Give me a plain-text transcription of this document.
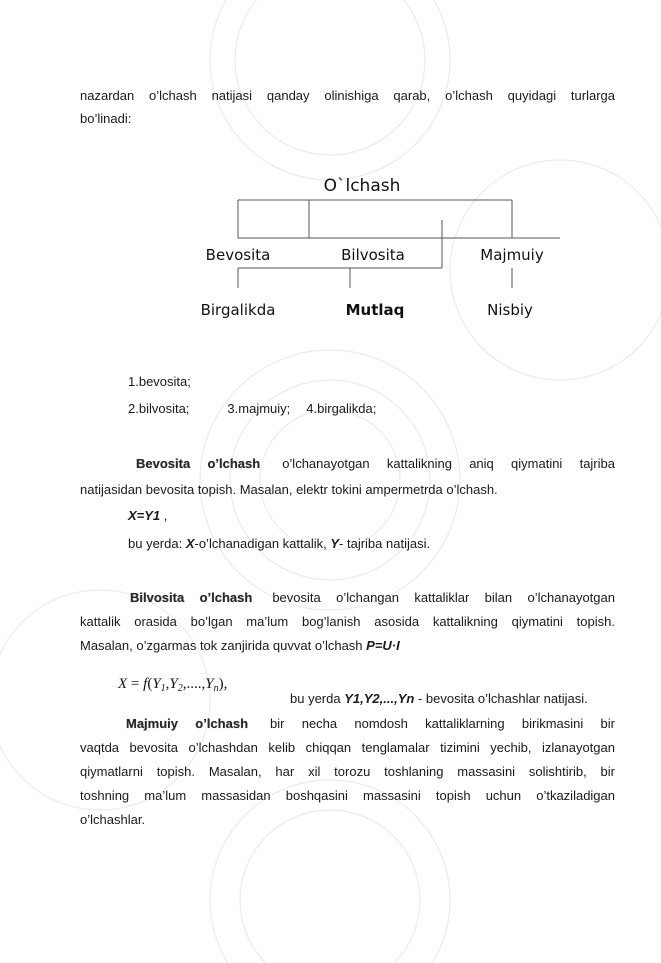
nazardan o’lchash natijasi qanday olinishiga qarab, o’lchash quyidagi turlarga

bo’linadi:

O`lchash
Bevosita	Bilvosita	Majmuiy
Birgalikda	Mutlaq	Nisbiy

1.bevosita;

2.bilvosita;	3.majmuiy; 4.birgalikda;

Bevosita o’lchash o’lchanayotgan kattalikning aniq qiymatini tajriba

natijasidan bevosita topish. Masalan, elektr tokini ampermetrda o’lchash.

X=Y1 ,

bu yerda: X-o’lchanadigan kattalik, Y- tajriba natijasi.

Bilvosita o’lchash bevosita o’lchangan kattaliklar bilan o’lchanayotgan

kattalik orasida bo’lgan ma’lum bog’lanish asosida kattalikning qiymatini topish.

Masalan, o’zgarmas tok zanjirida quvvat o’lchash P=U·I

$X = f(Y_1,Y_2,....,Y_n)$,

bu yerda Y1,Y2,...,Yn - bevosita o’lchashlar natijasi.

Majmuiy o’lchash bir necha nomdosh kattaliklarning birikmasini bir

vaqtda bevosita o’lchashdan kelib chiqqan tenglamalar tizimini yechib, izlanayotgan

qiymatlarni topish. Masalan, har xil torozu toshlaning massasini solishtirib, bir

toshning ma’lum massasidan boshqasini massasini topish uchun o’tkaziladigan

o’lchashlar.
